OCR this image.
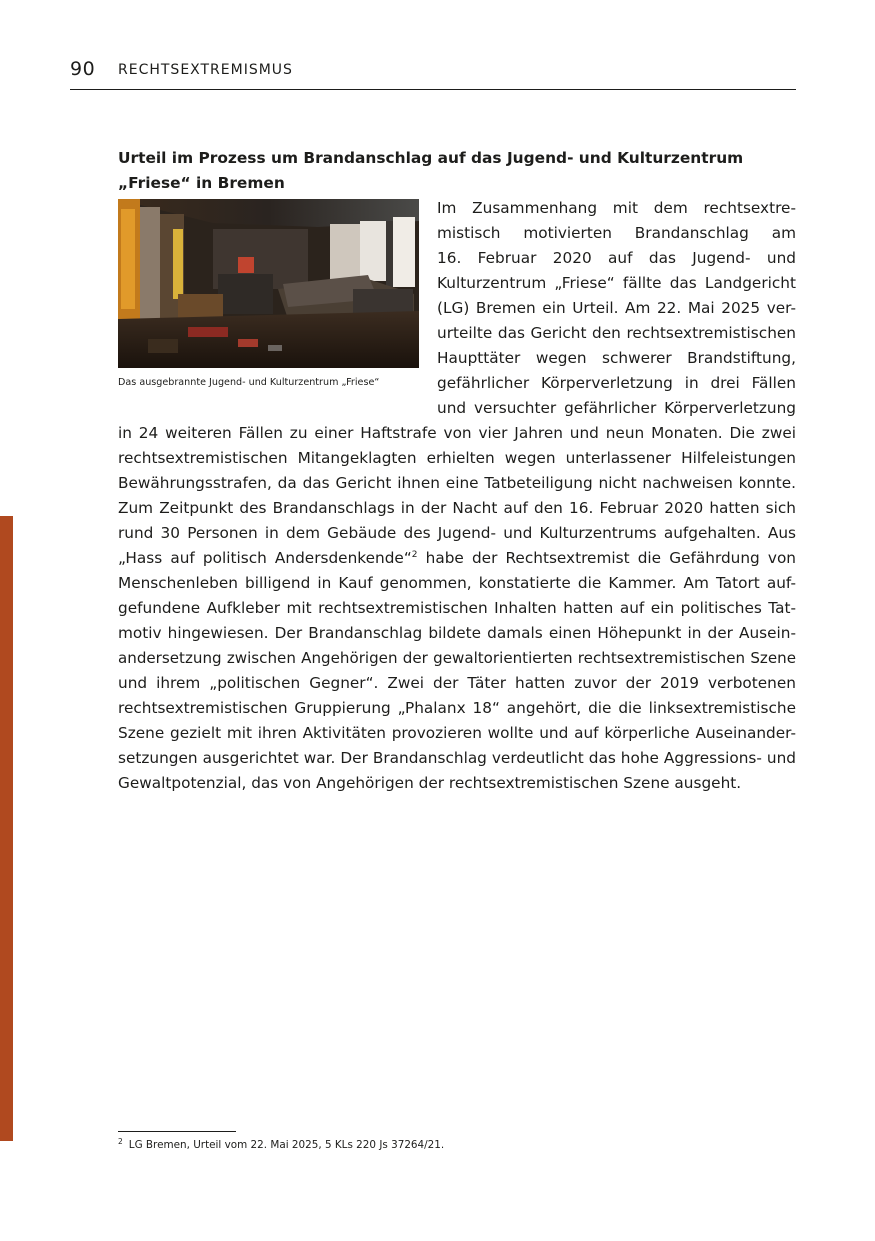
90 RECHTSEXTREMISMUS
Urteil im Prozess um Brandanschlag auf das Jugend- und Kulturzentrum
„Friese“ in Bremen
Das ausgebrannte Jugend- und Kulturzentrum „Friese“
Im Zusammenhang mit dem rechtsextre-
mistisch motivierten Brandanschlag am
16. Februar 2020 auf das Jugend- und
Kulturzentrum „Friese“ fällte das Landgericht
(LG) Bremen ein Urteil. Am 22. Mai 2025 ver-
urteilte das Gericht den rechtsextremistischen
Haupttäter wegen schwerer Brandstiftung,
gefährlicher Körperverletzung in drei Fällen
und versuchter gefährlicher Körperverletzung
in 24 weiteren Fällen zu einer Haftstrafe von vier Jahren und neun Monaten. Die zwei
rechtsextremistischen Mitangeklagten erhielten wegen unterlassener Hilfeleistungen
Bewährungsstrafen, da das Gericht ihnen eine Tatbeteiligung nicht nachweisen konnte.
Zum Zeitpunkt des Brandanschlags in der Nacht auf den 16. Februar 2020 hatten sich
rund 30 Personen in dem Gebäude des Jugend- und Kulturzentrums aufgehalten. Aus
„Hass auf politisch Andersdenkende“$^2$ habe der Rechtsextremist die Gefährdung von
Menschenleben billigend in Kauf genommen, konstatierte die Kammer. Am Tatort auf-
gefundene Aufkleber mit rechtsextremistischen Inhalten hatten auf ein politisches Tat-
motiv hingewiesen. Der Brandanschlag bildete damals einen Höhepunkt in der Ausein-
andersetzung zwischen Angehörigen der gewaltorientierten rechtsextremistischen Szene
und ihrem „politischen Gegner“. Zwei der Täter hatten zuvor der 2019 verbotenen
rechtsextremistischen Gruppierung „Phalanx 18“ angehört, die die linksextremistische
Szene gezielt mit ihren Aktivitäten provozieren wollte und auf körperliche Auseinander-
setzungen ausgerichtet war. Der Brandanschlag verdeutlicht das hohe Aggressions- und
Gewaltpotenzial, das von Angehörigen der rechtsextremistischen Szene ausgeht.
$^2$ LG Bremen, Urteil vom 22. Mai 2025, 5 KLs 220 Js 37264/21.
